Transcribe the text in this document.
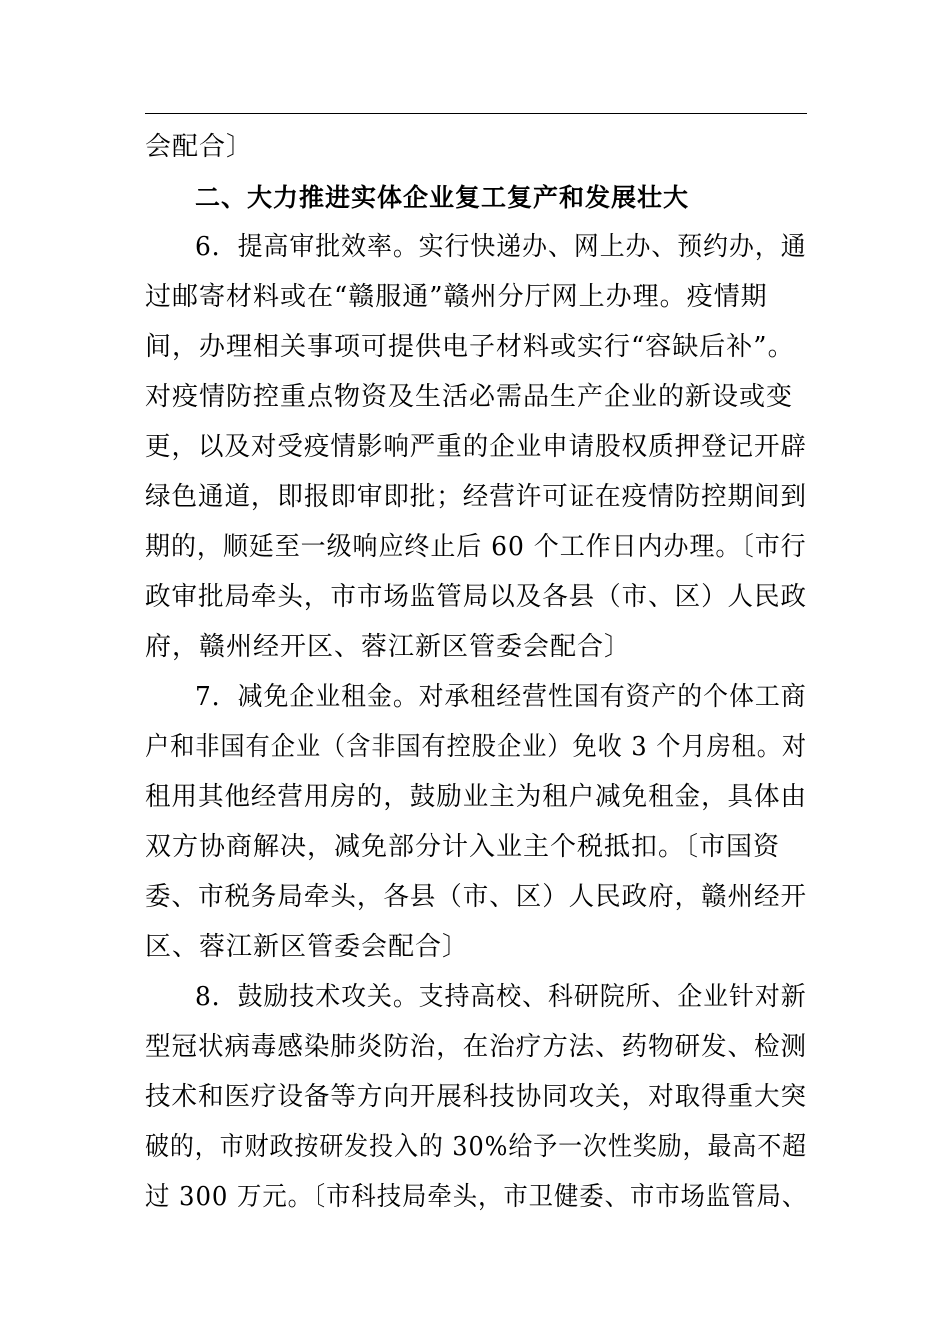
会配合〕
二、大力推进实体企业复工复产和发展壮大
6．提高审批效率。实行快递办、网上办、预约办，通
过邮寄材料或在“赣服通”赣州分厅网上办理。疫情期
间，办理相关事项可提供电子材料或实行“容缺后补”。
对疫情防控重点物资及生活必需品生产企业的新设或变
更，以及对受疫情影响严重的企业申请股权质押登记开辟
绿色通道，即报即审即批；经营许可证在疫情防控期间到
期的，顺延至一级响应终止后 60 个工作日内办理。〔市行
政审批局牵头，市市场监管局以及各县（市、区）人民政
府，赣州经开区、蓉江新区管委会配合〕
7．减免企业租金。对承租经营性国有资产的个体工商
户和非国有企业（含非国有控股企业）免收 3 个月房租。对
租用其他经营用房的，鼓励业主为租户减免租金，具体由
双方协商解决，减免部分计入业主个税抵扣。〔市国资
委、市税务局牵头，各县（市、区）人民政府，赣州经开
区、蓉江新区管委会配合〕
8．鼓励技术攻关。支持高校、科研院所、企业针对新
型冠状病毒感染肺炎防治，在治疗方法、药物研发、检测
技术和医疗设备等方向开展科技协同攻关，对取得重大突
破的，市财政按研发投入的 30%给予一次性奖励，最高不超
过 300 万元。〔市科技局牵头，市卫健委、市市场监管局、
